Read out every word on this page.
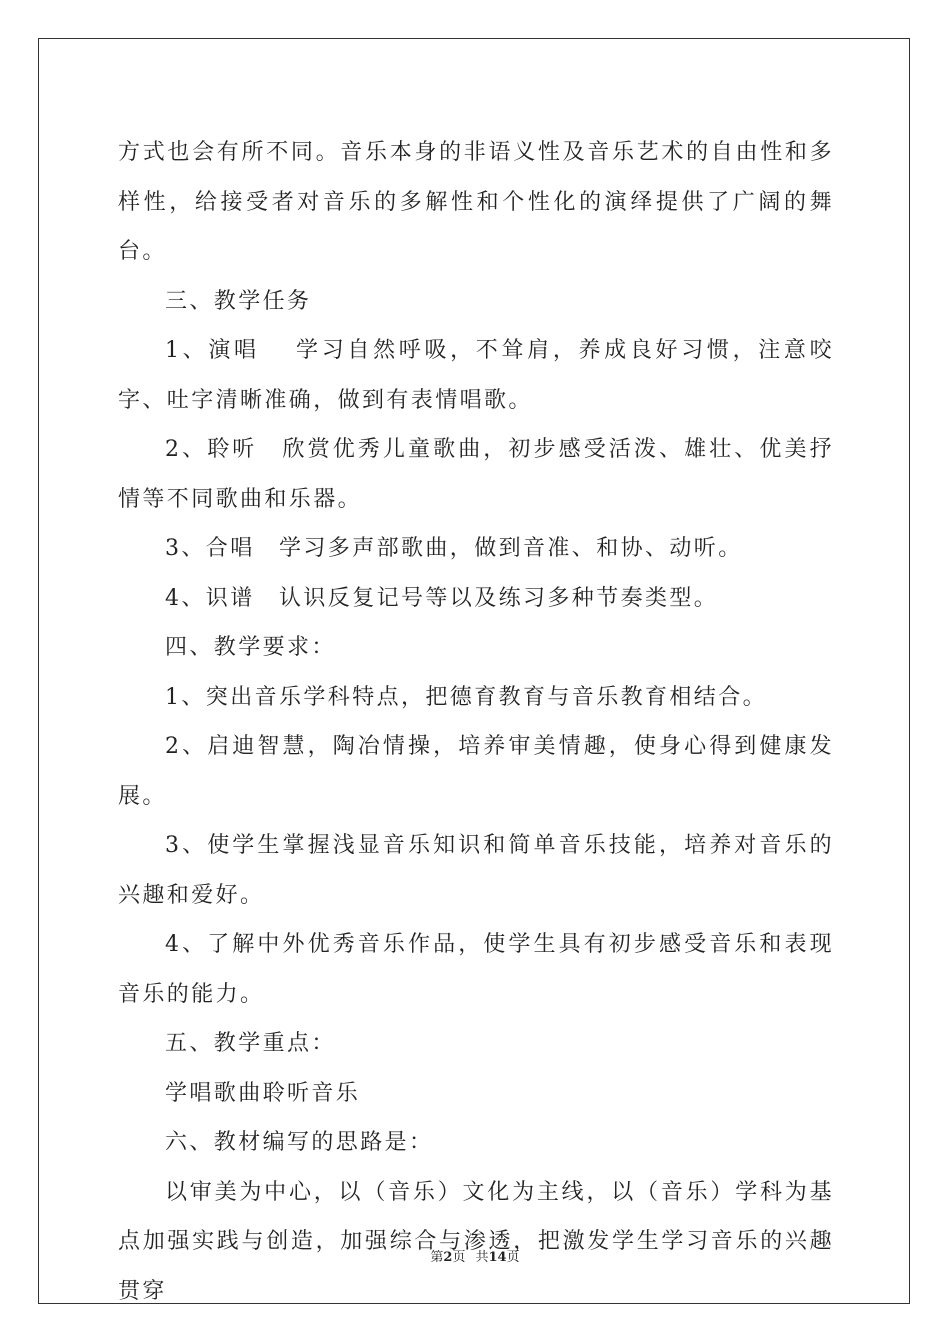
方式也会有所不同。音乐本身的非语义性及音乐艺术的自由性和多样性，给接受者对音乐的多解性和个性化的演绎提供了广阔的舞台。

三、教学任务

1、演唱　 学习自然呼吸，不耸肩，养成良好习惯，注意咬字、吐字清晰准确，做到有表情唱歌。

2、聆听　欣赏优秀儿童歌曲，初步感受活泼、雄壮、优美抒情等不同歌曲和乐器。

3、合唱　学习多声部歌曲，做到音准、和协、动听。

4、识谱　认识反复记号等以及练习多种节奏类型。

四、教学要求：

1、突出音乐学科特点，把德育教育与音乐教育相结合。

2、启迪智慧，陶冶情操，培养审美情趣，使身心得到健康发展。

3、使学生掌握浅显音乐知识和简单音乐技能，培养对音乐的兴趣和爱好。

4、了解中外优秀音乐作品，使学生具有初步感受音乐和表现音乐的能力。

五、教学重点：

学唱歌曲聆听音乐

六、教材编写的思路是：

以审美为中心，以（音乐）文化为主线，以（音乐）学科为基点加强实践与创造，加强综合与渗透，把激发学生学习音乐的兴趣贯穿

第2页 共14页
